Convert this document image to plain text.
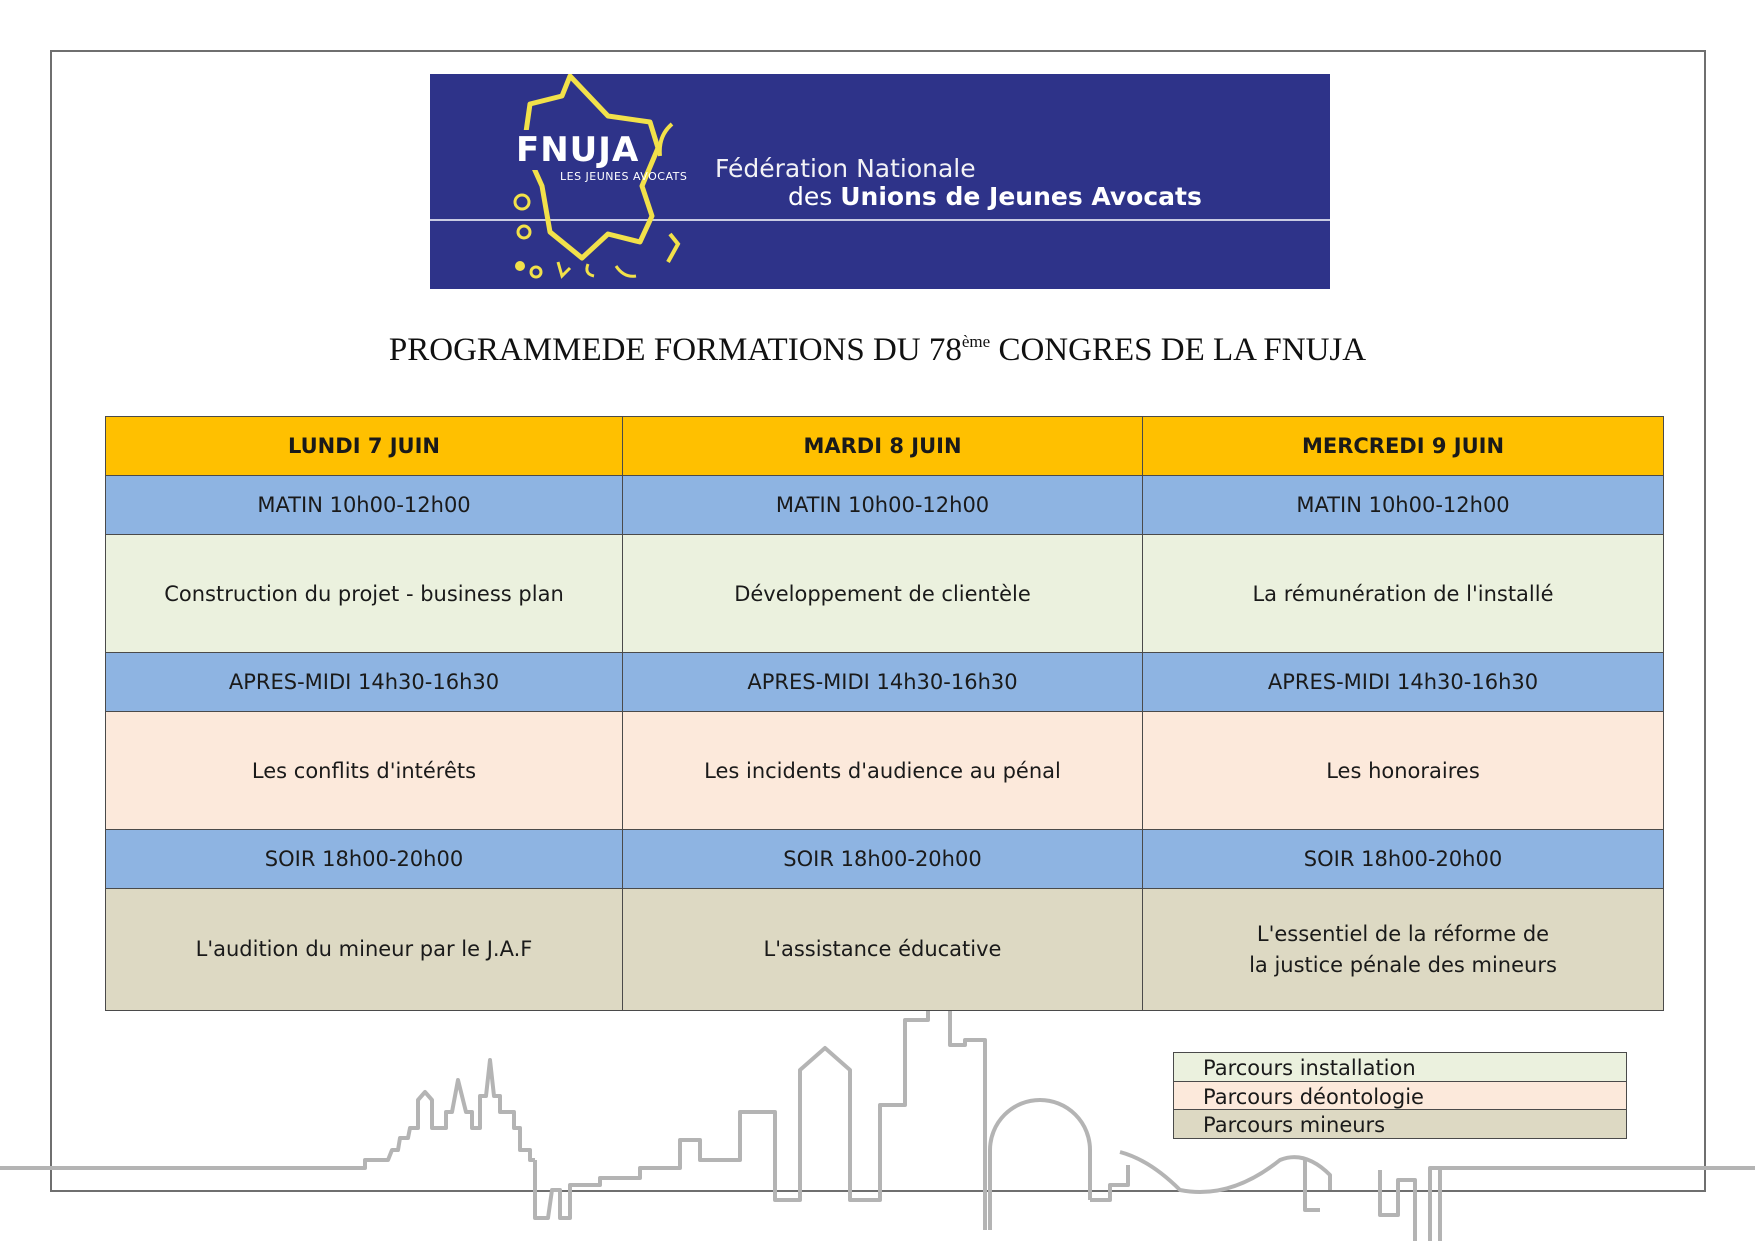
FNUJA
LES JEUNES AVOCATS Fédération Nationale
des Unions de Jeunes Avocats
PROGRAMMEDE FORMATIONS DU 78ème CONGRES DE LA FNUJA
LUNDI 7 JUIN	MARDI 8 JUIN	MERCREDI 9 JUIN
MATIN 10h00-12h00	MATIN 10h00-12h00	MATIN 10h00-12h00
Construction du projet - business plan	Développement de clientèle	La rémunération de l'installé
APRES-MIDI 14h30-16h30	APRES-MIDI 14h30-16h30	APRES-MIDI 14h30-16h30
Les conflits d'intérêts	Les incidents d'audience au pénal	Les honoraires
SOIR 18h00-20h00	SOIR 18h00-20h00	SOIR 18h00-20h00
L'audition du mineur par le J.A.F	L'assistance éducative	L'essentiel de la réforme de
la justice pénale des mineurs
Parcours installation
Parcours déontologie
Parcours mineurs
